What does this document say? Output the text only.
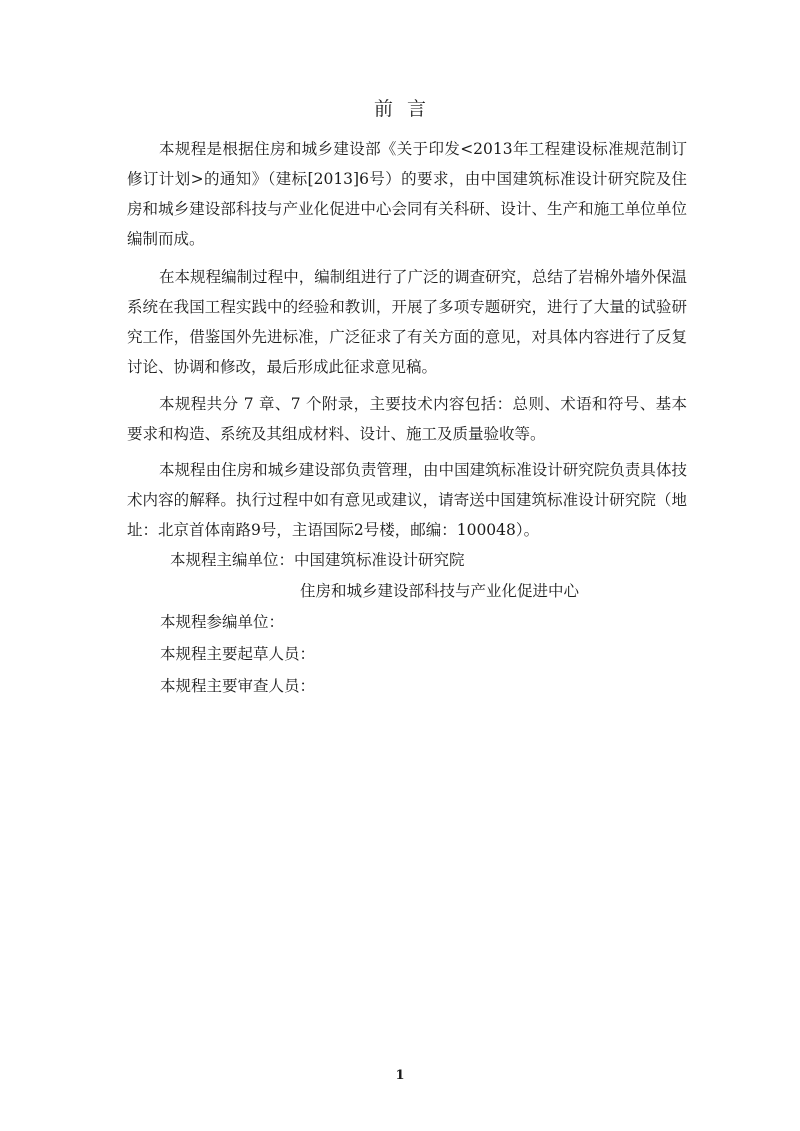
前言

本规程是根据住房和城乡建设部《关于印发<2013年工程建设标准规范制订修订计划>的通知》（建标[2013]6号）的要求，由中国建筑标准设计研究院及住房和城乡建设部科技与产业化促进中心会同有关科研、设计、生产和施工单位单位编制而成。

在本规程编制过程中，编制组进行了广泛的调查研究，总结了岩棉外墙外保温系统在我国工程实践中的经验和教训，开展了多项专题研究，进行了大量的试验研究工作，借鉴国外先进标准，广泛征求了有关方面的意见，对具体内容进行了反复讨论、协调和修改，最后形成此征求意见稿。

本规程共分 7 章、7 个附录，主要技术内容包括：总则、术语和符号、基本要求和构造、系统及其组成材料、设计、施工及质量验收等。

本规程由住房和城乡建设部负责管理，由中国建筑标准设计研究院负责具体技术内容的解释。执行过程中如有意见或建议，请寄送中国建筑标准设计研究院（地址：北京首体南路9号，主语国际2号楼，邮编：100048）。

本规程主编单位：中国建筑标准设计研究院
住房和城乡建设部科技与产业化促进中心
本规程参编单位：
本规程主要起草人员：
本规程主要审查人员：
1
